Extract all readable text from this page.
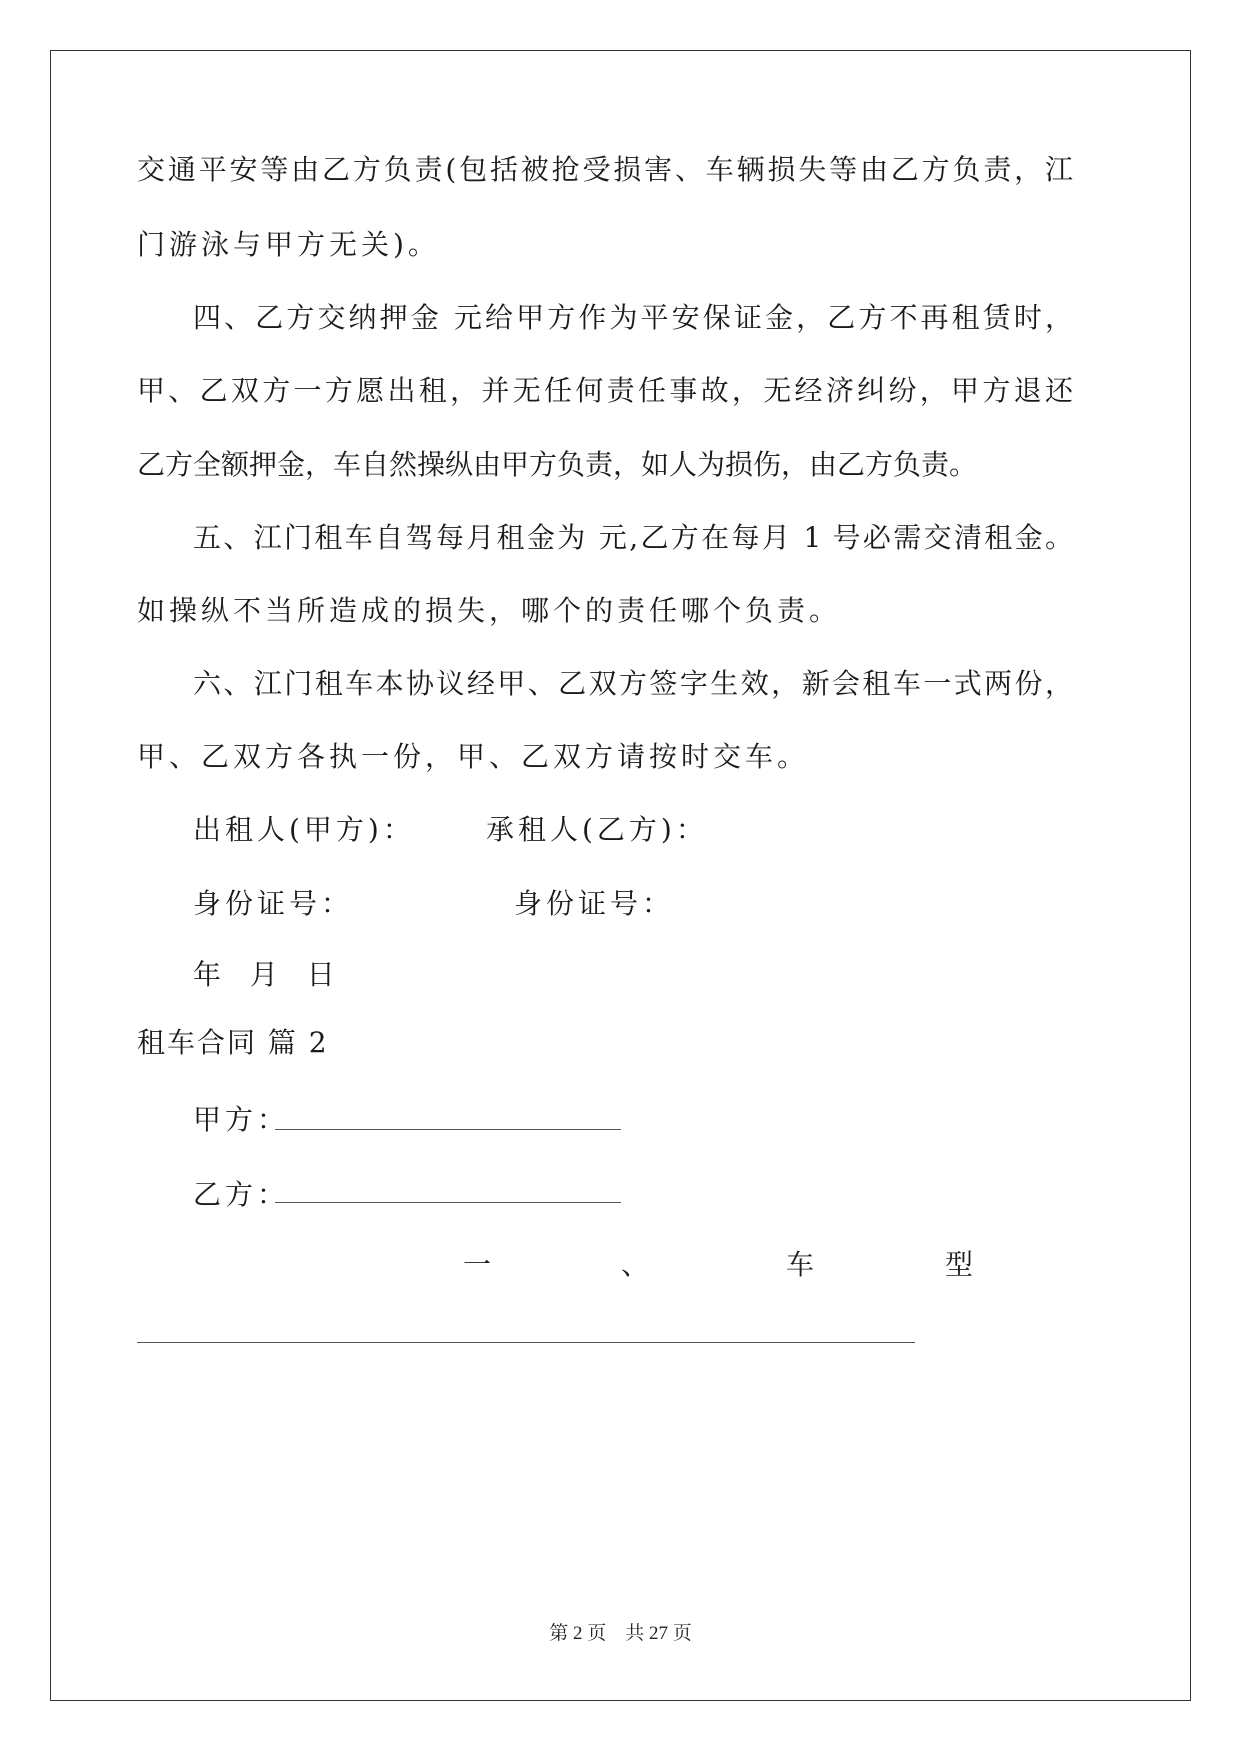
交通平安等由乙方负责(包括被抢受损害、车辆损失等由乙方负责，江
门游泳与甲方无关)。
四、乙方交纳押金 元给甲方作为平安保证金，乙方不再租赁时，
甲、乙双方一方愿出租，并无任何责任事故，无经济纠纷，甲方退还
乙方全额押金，车自然操纵由甲方负责，如人为损伤，由乙方负责。
五、江门租车自驾每月租金为 元,乙方在每月 1 号必需交清租金。
如操纵不当所造成的损失，哪个的责任哪个负责。
六、江门租车本协议经甲、乙双方签字生效，新会租车一式两份，
甲、乙双方各执一份，甲、乙双方请按时交车。
出租人(甲方)：	承租人(乙方)：
身份证号：	身份证号：
年 月 日
租车合同 篇 2
甲方：
乙方：
一	、	车	型
第 2 页 共 27 页
